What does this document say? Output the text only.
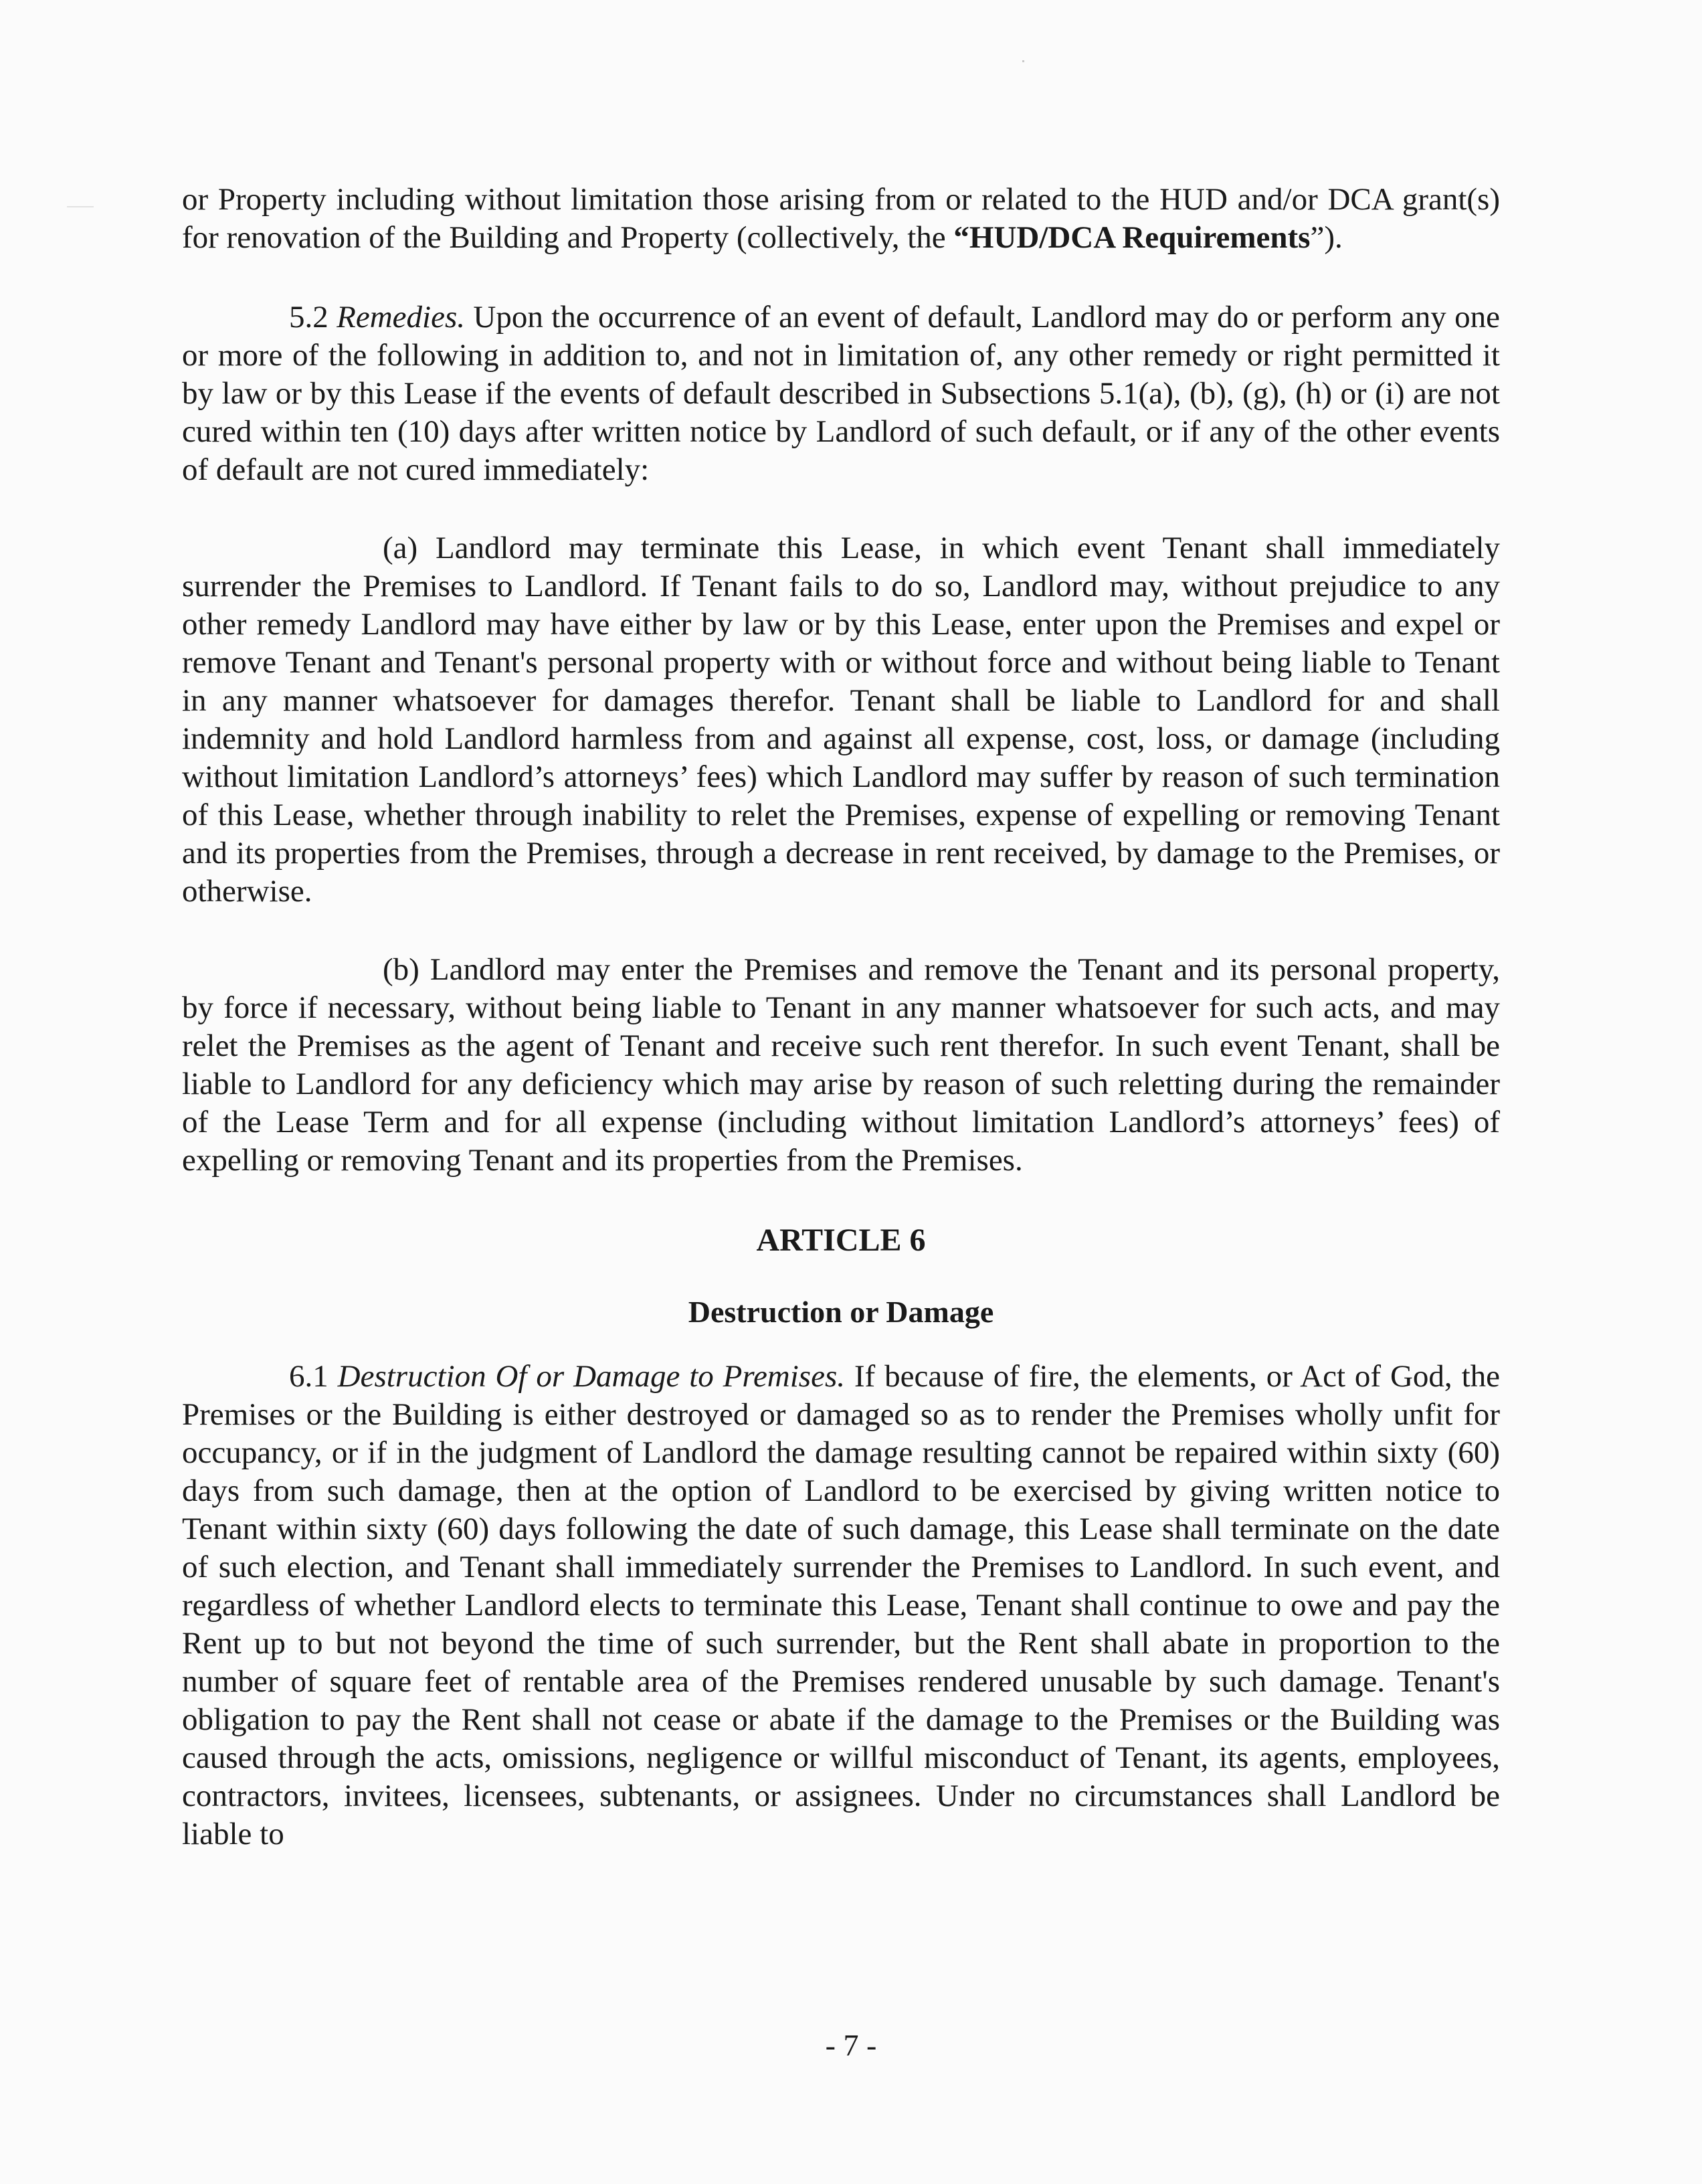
or Property including without limitation those arising from or related to the HUD and/or DCA grant(s) for renovation of the Building and Property (collectively, the “HUD/DCA Requirements”).

5.2 Remedies. Upon the occurrence of an event of default, Landlord may do or perform any one or more of the following in addition to, and not in limitation of, any other remedy or right permitted it by law or by this Lease if the events of default described in Subsections 5.1(a), (b), (g), (h) or (i) are not cured within ten (10) days after written notice by Landlord of such default, or if any of the other events of default are not cured immediately:

(a) Landlord may terminate this Lease, in which event Tenant shall immediately surrender the Premises to Landlord. If Tenant fails to do so, Landlord may, without prejudice to any other remedy Landlord may have either by law or by this Lease, enter upon the Premises and expel or remove Tenant and Tenant's personal property with or without force and without being liable to Tenant in any manner whatsoever for damages therefor. Tenant shall be liable to Landlord for and shall indemnity and hold Landlord harmless from and against all expense, cost, loss, or damage (including without limitation Landlord’s attorneys’ fees) which Landlord may suffer by reason of such termination of this Lease, whether through inability to relet the Premises, expense of expelling or removing Tenant and its properties from the Premises, through a decrease in rent received, by damage to the Premises, or otherwise.

(b) Landlord may enter the Premises and remove the Tenant and its personal property, by force if necessary, without being liable to Tenant in any manner whatsoever for such acts, and may relet the Premises as the agent of Tenant and receive such rent therefor. In such event Tenant, shall be liable to Landlord for any deficiency which may arise by reason of such reletting during the remainder of the Lease Term and for all expense (including without limitation Landlord’s attorneys’ fees) of expelling or removing Tenant and its properties from the Premises.

ARTICLE 6

Destruction or Damage

6.1 Destruction Of or Damage to Premises. If because of fire, the elements, or Act of God, the Premises or the Building is either destroyed or damaged so as to render the Premises wholly unfit for occupancy, or if in the judgment of Landlord the damage resulting cannot be repaired within sixty (60) days from such damage, then at the option of Landlord to be exercised by giving written notice to Tenant within sixty (60) days following the date of such damage, this Lease shall terminate on the date of such election, and Tenant shall immediately surrender the Premises to Landlord. In such event, and regardless of whether Landlord elects to terminate this Lease, Tenant shall continue to owe and pay the Rent up to but not beyond the time of such surrender, but the Rent shall abate in proportion to the number of square feet of rentable area of the Premises rendered unusable by such damage. Tenant's obligation to pay the Rent shall not cease or abate if the damage to the Premises or the Building was caused through the acts, omissions, negligence or willful misconduct of Tenant, its agents, employees, contractors, invitees, licensees, subtenants, or assignees. Under no circumstances shall Landlord be liable to

- 7 -
